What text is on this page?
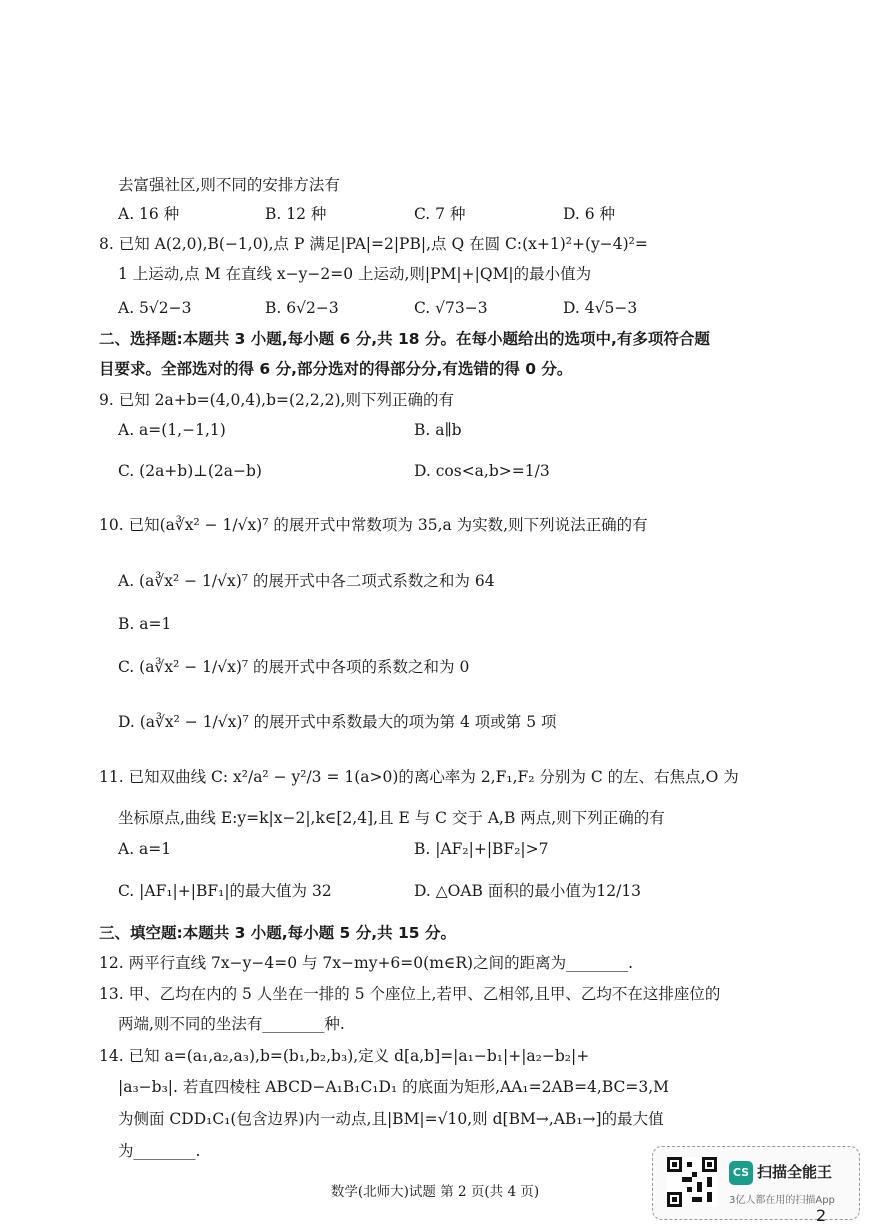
去富强社区,则不同的安排方法有
A. 16 种	B. 12 种	C. 7 种	D. 6 种
8. 已知 A(2,0),B(−1,0),点 P 满足|PA|=2|PB|,点 Q 在圆 C:(x+1)²+(y−4)²=
1 上运动,点 M 在直线 x−y−2=0 上运动,则|PM|+|QM|的最小值为
A. 5√2−3	B. 6√2−3	C. √73−3	D. 4√5−3
二、选择题:本题共 3 小题,每小题 6 分,共 18 分。在每小题给出的选项中,有多项符合题
目要求。全部选对的得 6 分,部分选对的得部分分,有选错的得 0 分。
9. 已知 2a+b=(4,0,4),b=(2,2,2),则下列正确的有
A. a=(1,−1,1)	B. a∥b
C. (2a+b)⊥(2a−b)	D. cos<a,b>=1/3
10. 已知(a∛x² − 1/√x)⁷ 的展开式中常数项为 35,a 为实数,则下列说法正确的有
A. (a∛x² − 1/√x)⁷ 的展开式中各二项式系数之和为 64
B. a=1
C. (a∛x² − 1/√x)⁷ 的展开式中各项的系数之和为 0
D. (a∛x² − 1/√x)⁷ 的展开式中系数最大的项为第 4 项或第 5 项
11. 已知双曲线 C: x²/a² − y²/3 = 1(a>0)的离心率为 2,F₁,F₂ 分别为 C 的左、右焦点,O 为
坐标原点,曲线 E:y=k|x−2|,k∈[2,4],且 E 与 C 交于 A,B 两点,则下列正确的有
A. a=1	B. |AF₂|+|BF₂|>7
C. |AF₁|+|BF₁|的最大值为 32	D. △OAB 面积的最小值为12/13
三、填空题:本题共 3 小题,每小题 5 分,共 15 分。
12. 两平行直线 7x−y−4=0 与 7x−my+6=0(m∈R)之间的距离为________.
13. 甲、乙均在内的 5 人坐在一排的 5 个座位上,若甲、乙相邻,且甲、乙均不在这排座位的
两端,则不同的坐法有________种.
14. 已知 a=(a₁,a₂,a₃),b=(b₁,b₂,b₃),定义 d[a,b]=|a₁−b₁|+|a₂−b₂|+
|a₃−b₃|. 若直四棱柱 ABCD−A₁B₁C₁D₁ 的底面为矩形,AA₁=2AB=4,BC=3,M
为侧面 CDD₁C₁(包含边界)内一动点,且|BM|=√10,则 d[BM→,AB₁→]的最大值
为________.
数学(北师大)试题 第 2 页(共 4 页)
CS 扫描全能王
3亿人都在用的扫描App
2
